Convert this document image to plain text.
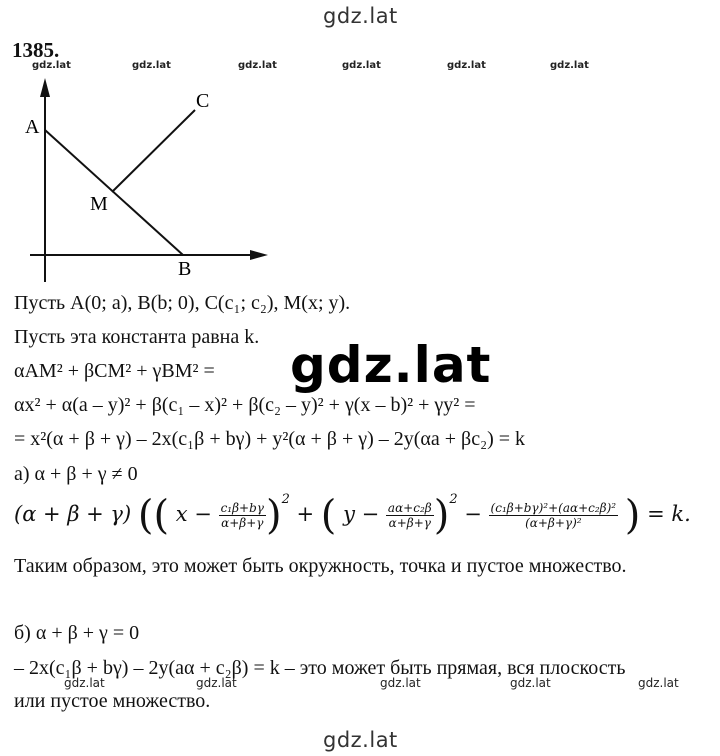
gdz.lat
1385.
gdz.lat	gdz.lat	gdz.lat	gdz.lat	gdz.lat	gdz.lat
A
C
M
B
Пусть A(0; a), B(b; 0), C(c₁; c₂), M(x; y).
Пусть эта константа равна k. gdz.lat
αAM² + βCM² + γBM² =
αx² + α(a – y)² + β(c₁ – x)² + β(c₂ – y)² + γ(x – b)² + γy² =
= x²(α + β + γ) – 2x(c₁β + bγ) + y²(α + β + γ) – 2y(αa + βc₂) = k
а) α + β + γ ≠ 0
(α + β + γ) (( $x - \frac{\text{c₁β+bγ}}{\alpha+\beta+\gamma} )^2$ + ( $y - \frac{\text{aα+c₂β}}{\alpha+\beta+\gamma} )^2 - \frac{\text{(c₁β+bγ)²+(aα+c₂β)²}}{\text{(α+β+γ)²}}$ ) = k.
Таким образом, это может быть окружность, точка и пустое множество.
б) α + β + γ = 0
– 2x(c₁β + bγ) – 2y(aα + c₂β) = k – это может быть прямая, вся плоскость
gdz.lat	gdz.lat	gdz.lat	gdz.lat	gdz.lat
или пустое множество.
gdz.lat
